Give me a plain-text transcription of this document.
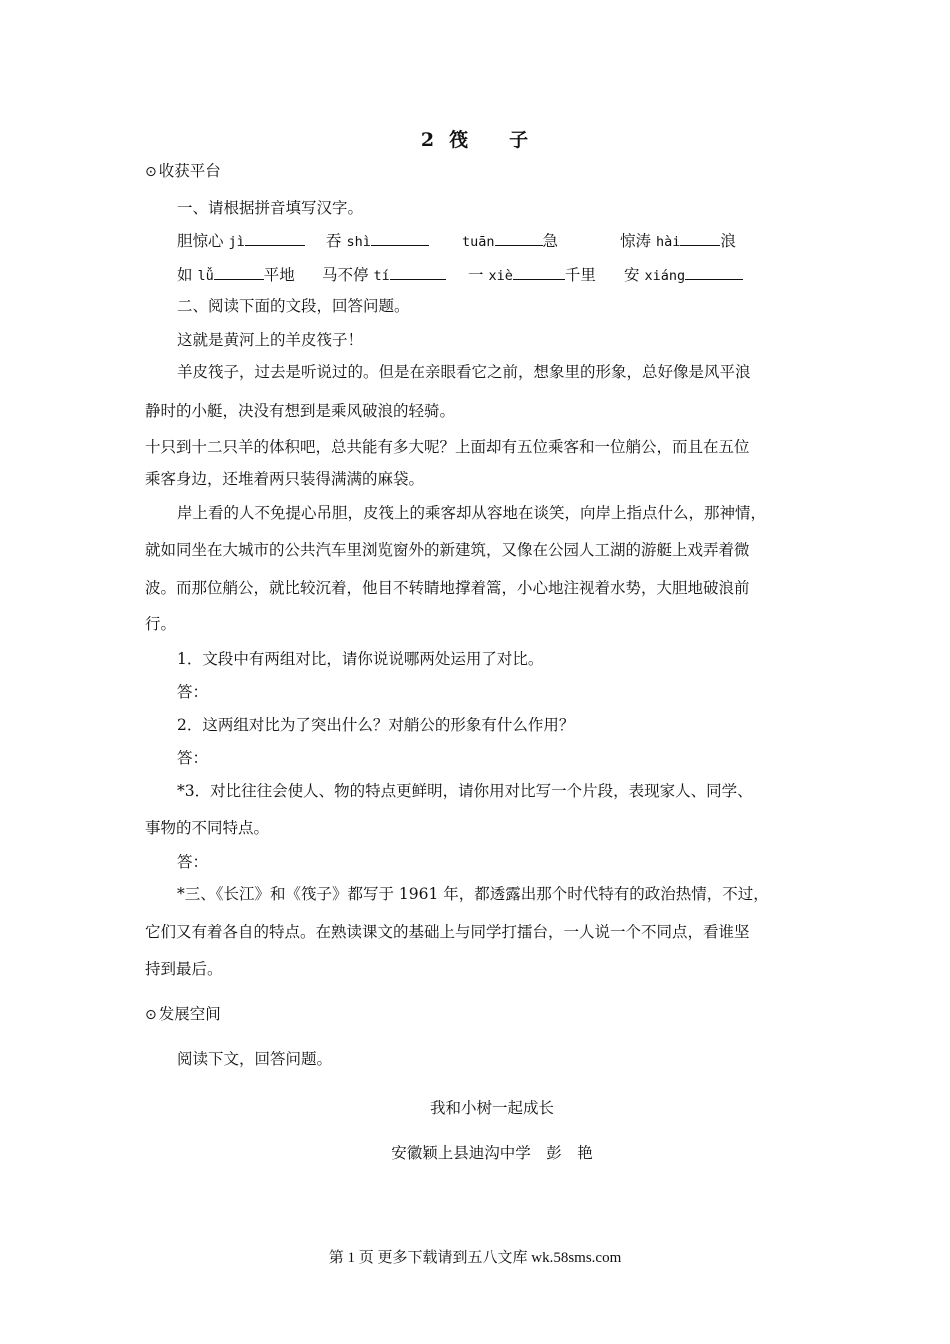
2 筏 子
⊙ 收获平台
一、请根据拼音填写汉字。
胆惊心 jì	吞 shì	tuān	急	惊涛 hài	浪
如 lǚ	平地 马不停 tí	一 xiè	千里 安 xiáng
二、阅读下面的文段，回答问题。
这就是黄河上的羊皮筏子！
羊皮筏子，过去是听说过的。但是在亲眼看它之前，想象里的形象，总好像是风平浪
静时的小艇，决没有想到是乘风破浪的轻骑。
十只到十二只羊的体积吧，总共能有多大呢？上面却有五位乘客和一位艄公，而且在五位
乘客身边，还堆着两只装得满满的麻袋。
岸上看的人不免提心吊胆，皮筏上的乘客却从容地在谈笑，向岸上指点什么，那神情，
就如同坐在大城市的公共汽车里浏览窗外的新建筑，又像在公园人工湖的游艇上戏弄着微
波。而那位艄公，就比较沉着，他目不转睛地撑着篙，小心地注视着水势，大胆地破浪前
行。
1．文段中有两组对比，请你说说哪两处运用了对比。
答：
2．这两组对比为了突出什么？对艄公的形象有什么作用？
答：
*3．对比往往会使人、物的特点更鲜明，请你用对比写一个片段，表现家人、同学、
事物的不同特点。
答：
*三、《长江》和《筏子》都写于 1961 年，都透露出那个时代特有的政治热情，不过，
它们又有着各自的特点。在熟读课文的基础上与同学打擂台，一人说一个不同点，看谁坚
持到最后。
⊙ 发展空间
阅读下文，回答问题。
我和小树一起成长
安徽颖上县迪沟中学　彭　艳
第 1 页 更多下载请到五八文库 wk.58sms.com
